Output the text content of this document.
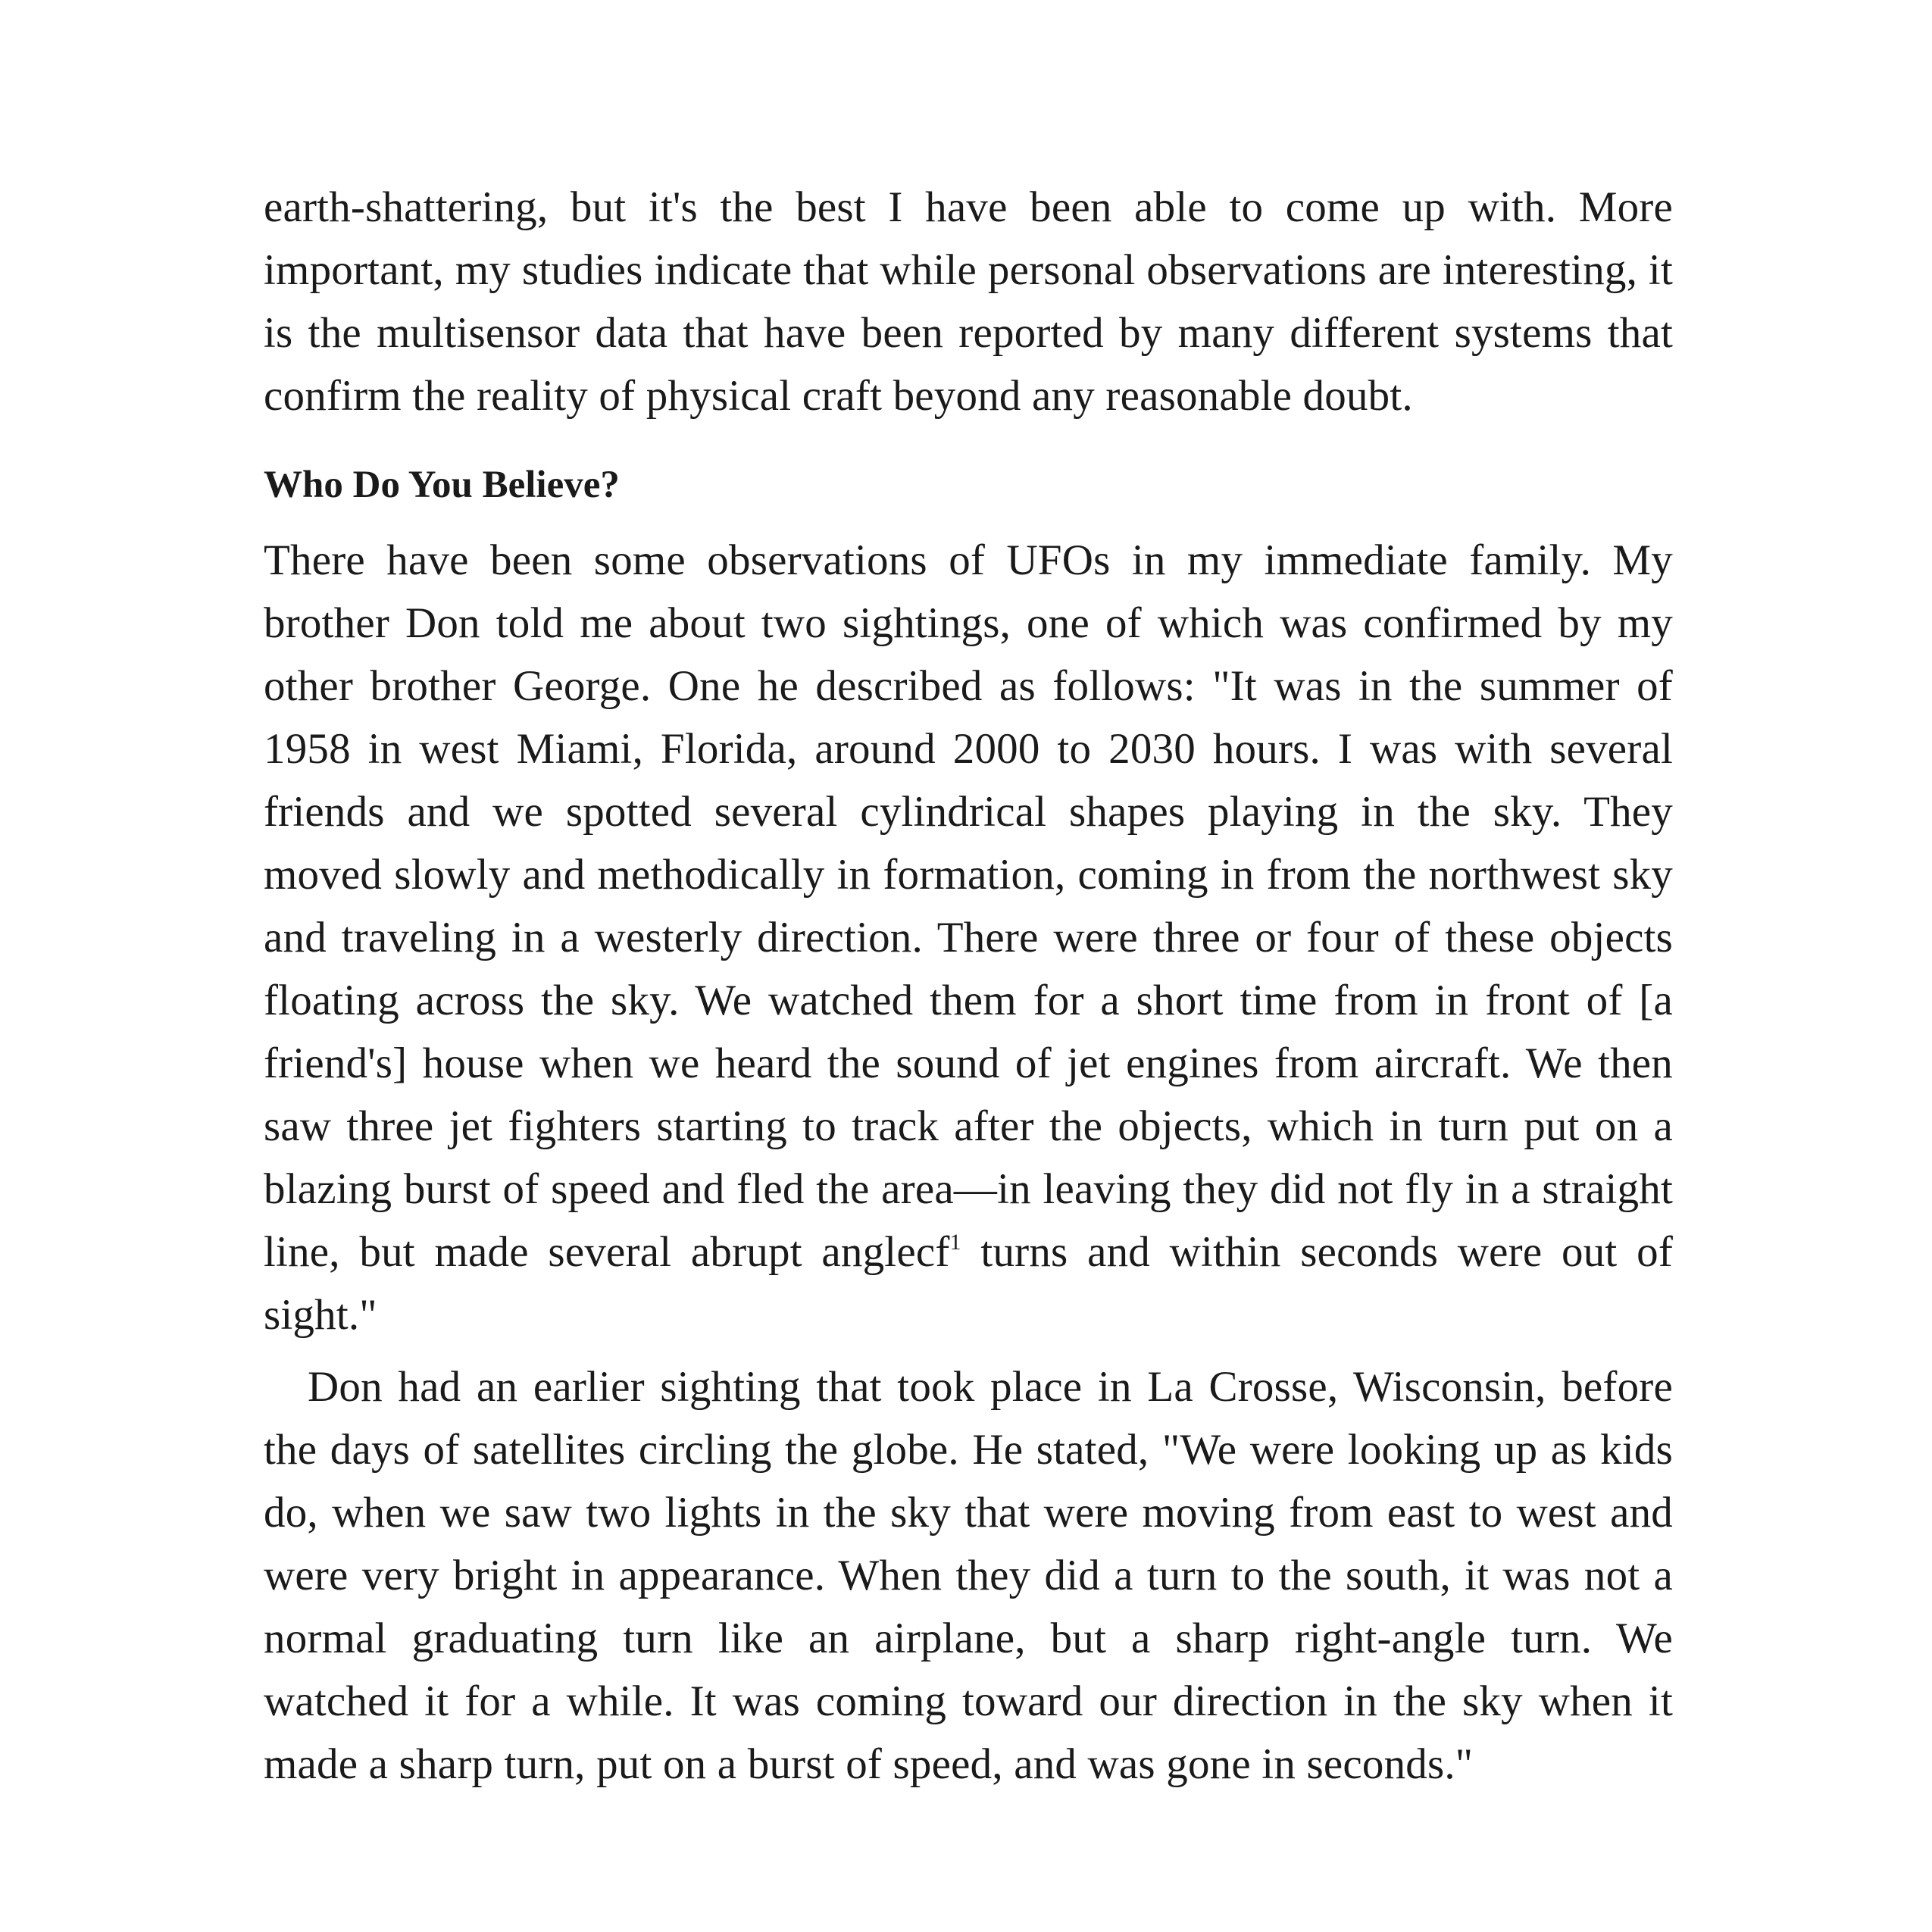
earth-shattering, but it's the best I have been able to come up with. More important, my studies indicate that while personal observations are interesting, it is the multisensor data that have been reported by many different systems that confirm the reality of physical craft beyond any reasonable doubt.

Who Do You Believe?

There have been some observations of UFOs in my immediate family. My brother Don told me about two sightings, one of which was confirmed by my other brother George. One he described as follows: "It was in the summer of 1958 in west Miami, Florida, around 2000 to 2030 hours. I was with several friends and we spotted several cylindrical shapes playing in the sky. They moved slowly and methodically in formation, coming in from the northwest sky and traveling in a westerly direction. There were three or four of these objects floating across the sky. We watched them for a short time from in front of [a friend's] house when we heard the sound of jet engines from aircraft. We then saw three jet fighters starting to track after the objects, which in turn put on a blazing burst of speed and fled the area—in leaving they did not fly in a straight line, but made several abrupt anglecf$^1$ turns and within seconds were out of sight."

Don had an earlier sighting that took place in La Crosse, Wisconsin, before the days of satellites circling the globe. He stated, "We were looking up as kids do, when we saw two lights in the sky that were moving from east to west and were very bright in appearance. When they did a turn to the south, it was not a normal graduating turn like an airplane, but a sharp right-angle turn. We watched it for a while. It was coming toward our direction in the sky when it made a sharp turn, put on a burst of speed, and was gone in seconds."
